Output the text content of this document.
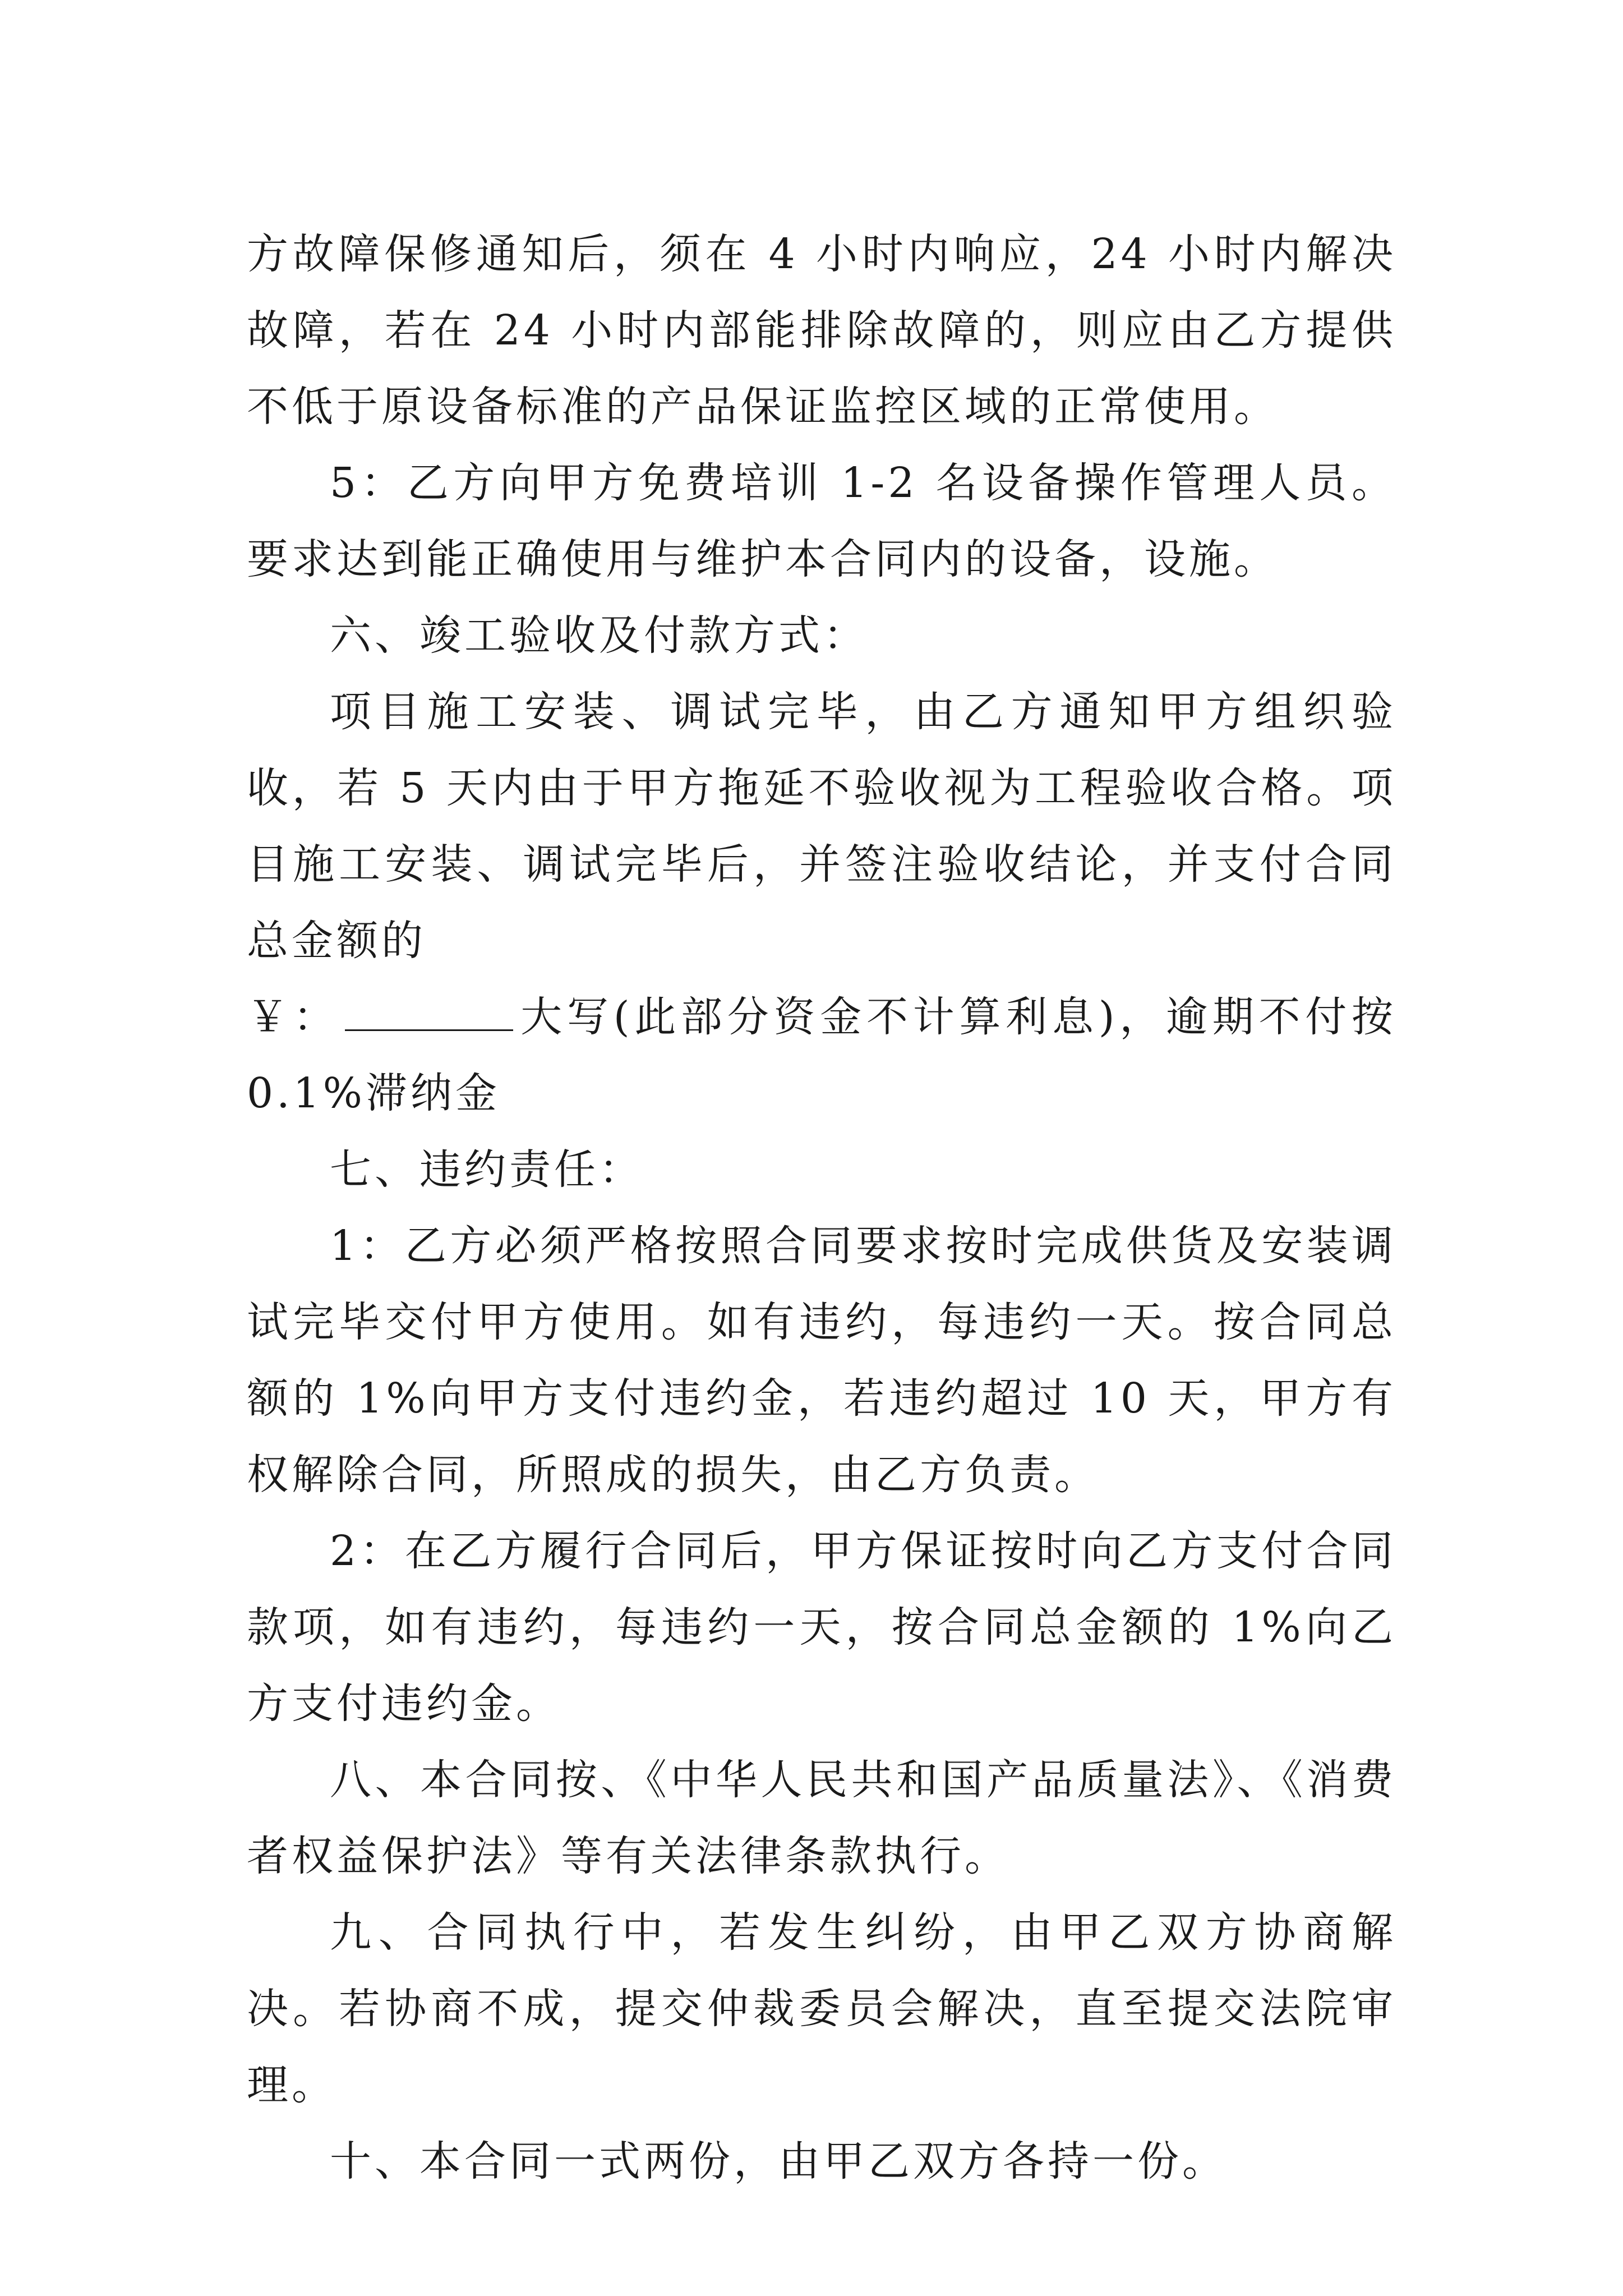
方故障保修通知后，须在 4 小时内响应，24 小时内解决故障，若在 24 小时内部能排除故障的，则应由乙方提供不低于原设备标准的产品保证监控区域的正常使用。

5：乙方向甲方免费培训 1-2 名设备操作管理人员。要求达到能正确使用与维护本合同内的设备，设施。

六、竣工验收及付款方式：

项目施工安装、调试完毕，由乙方通知甲方组织验收，若 5 天内由于甲方拖延不验收视为工程验收合格。项目施工安装、调试完毕后，并签注验收结论，并支付合同总金额的

￥：	大写(此部分资金不计算利息)，逾期不付按 0.1%滞纳金

七、违约责任：

1：乙方必须严格按照合同要求按时完成供货及安装调试完毕交付甲方使用。如有违约，每违约一天。按合同总额的 1%向甲方支付违约金，若违约超过 10 天，甲方有权解除合同，所照成的损失，由乙方负责。

2：在乙方履行合同后，甲方保证按时向乙方支付合同款项，如有违约，每违约一天，按合同总金额的 1%向乙方支付违约金。

八、本合同按、《中华人民共和国产品质量法》、《消费者权益保护法》等有关法律条款执行。

九、合同执行中，若发生纠纷，由甲乙双方协商解决。若协商不成，提交仲裁委员会解决，直至提交法院审理。

十、本合同一式两份，由甲乙双方各持一份。
